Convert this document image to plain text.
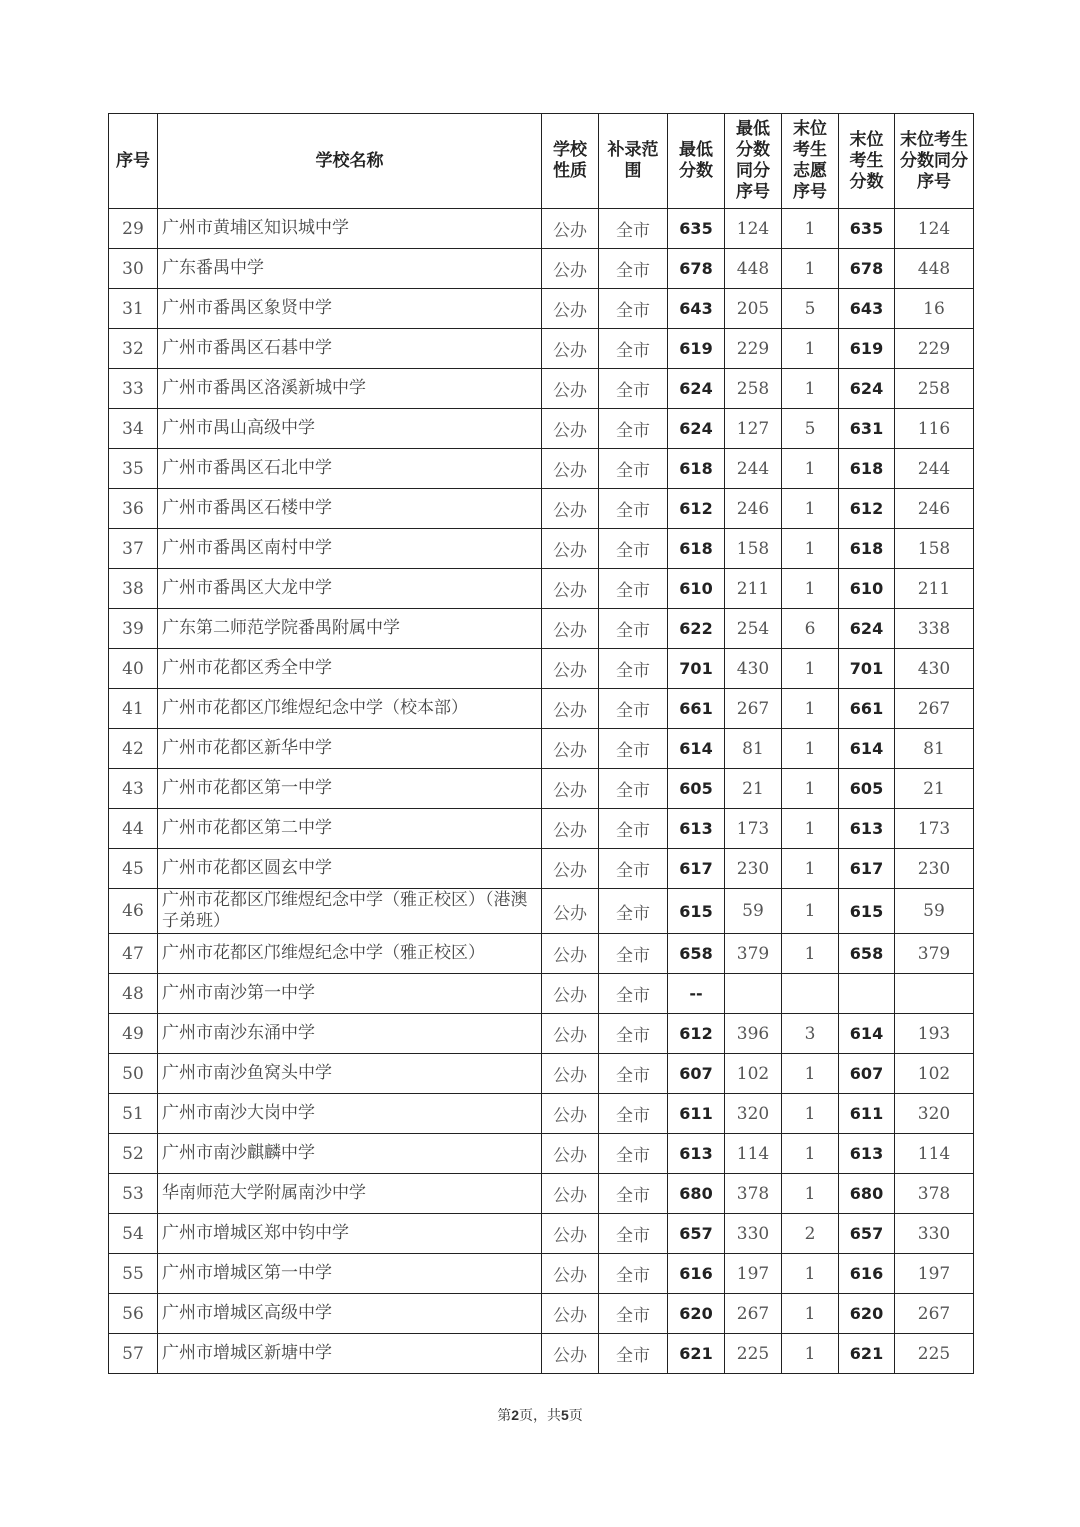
序号	学校名称	学校性质	补录范围	最低分数	最低分数同分序号	末位考生志愿序号	末位考生分数	末位考生分数同分序号
29	广州市黄埔区知识城中学	公办	全市	635	124	1	635	124
30	广东番禺中学	公办	全市	678	448	1	678	448
31	广州市番禺区象贤中学	公办	全市	643	205	5	643	16
32	广州市番禺区石碁中学	公办	全市	619	229	1	619	229
33	广州市番禺区洛溪新城中学	公办	全市	624	258	1	624	258
34	广州市禺山高级中学	公办	全市	624	127	5	631	116
35	广州市番禺区石北中学	公办	全市	618	244	1	618	244
36	广州市番禺区石楼中学	公办	全市	612	246	1	612	246
37	广州市番禺区南村中学	公办	全市	618	158	1	618	158
38	广州市番禺区大龙中学	公办	全市	610	211	1	610	211
39	广东第二师范学院番禺附属中学	公办	全市	622	254	6	624	338
40	广州市花都区秀全中学	公办	全市	701	430	1	701	430
41	广州市花都区邝维煜纪念中学（校本部）	公办	全市	661	267	1	661	267
42	广州市花都区新华中学	公办	全市	614	81	1	614	81
43	广州市花都区第一中学	公办	全市	605	21	1	605	21
44	广州市花都区第二中学	公办	全市	613	173	1	613	173
45	广州市花都区圆玄中学	公办	全市	617	230	1	617	230
46	广州市花都区邝维煜纪念中学（雅正校区）（港澳子弟班）	公办	全市	615	59	1	615	59
47	广州市花都区邝维煜纪念中学（雅正校区）	公办	全市	658	379	1	658	379
48	广州市南沙第一中学	公办	全市	--				
49	广州市南沙东涌中学	公办	全市	612	396	3	614	193
50	广州市南沙鱼窝头中学	公办	全市	607	102	1	607	102
51	广州市南沙大岗中学	公办	全市	611	320	1	611	320
52	广州市南沙麒麟中学	公办	全市	613	114	1	613	114
53	华南师范大学附属南沙中学	公办	全市	680	378	1	680	378
54	广州市增城区郑中钧中学	公办	全市	657	330	2	657	330
55	广州市增城区第一中学	公办	全市	616	197	1	616	197
56	广州市增城区高级中学	公办	全市	620	267	1	620	267
57	广州市增城区新塘中学	公办	全市	621	225	1	621	225
第2页，共5页
